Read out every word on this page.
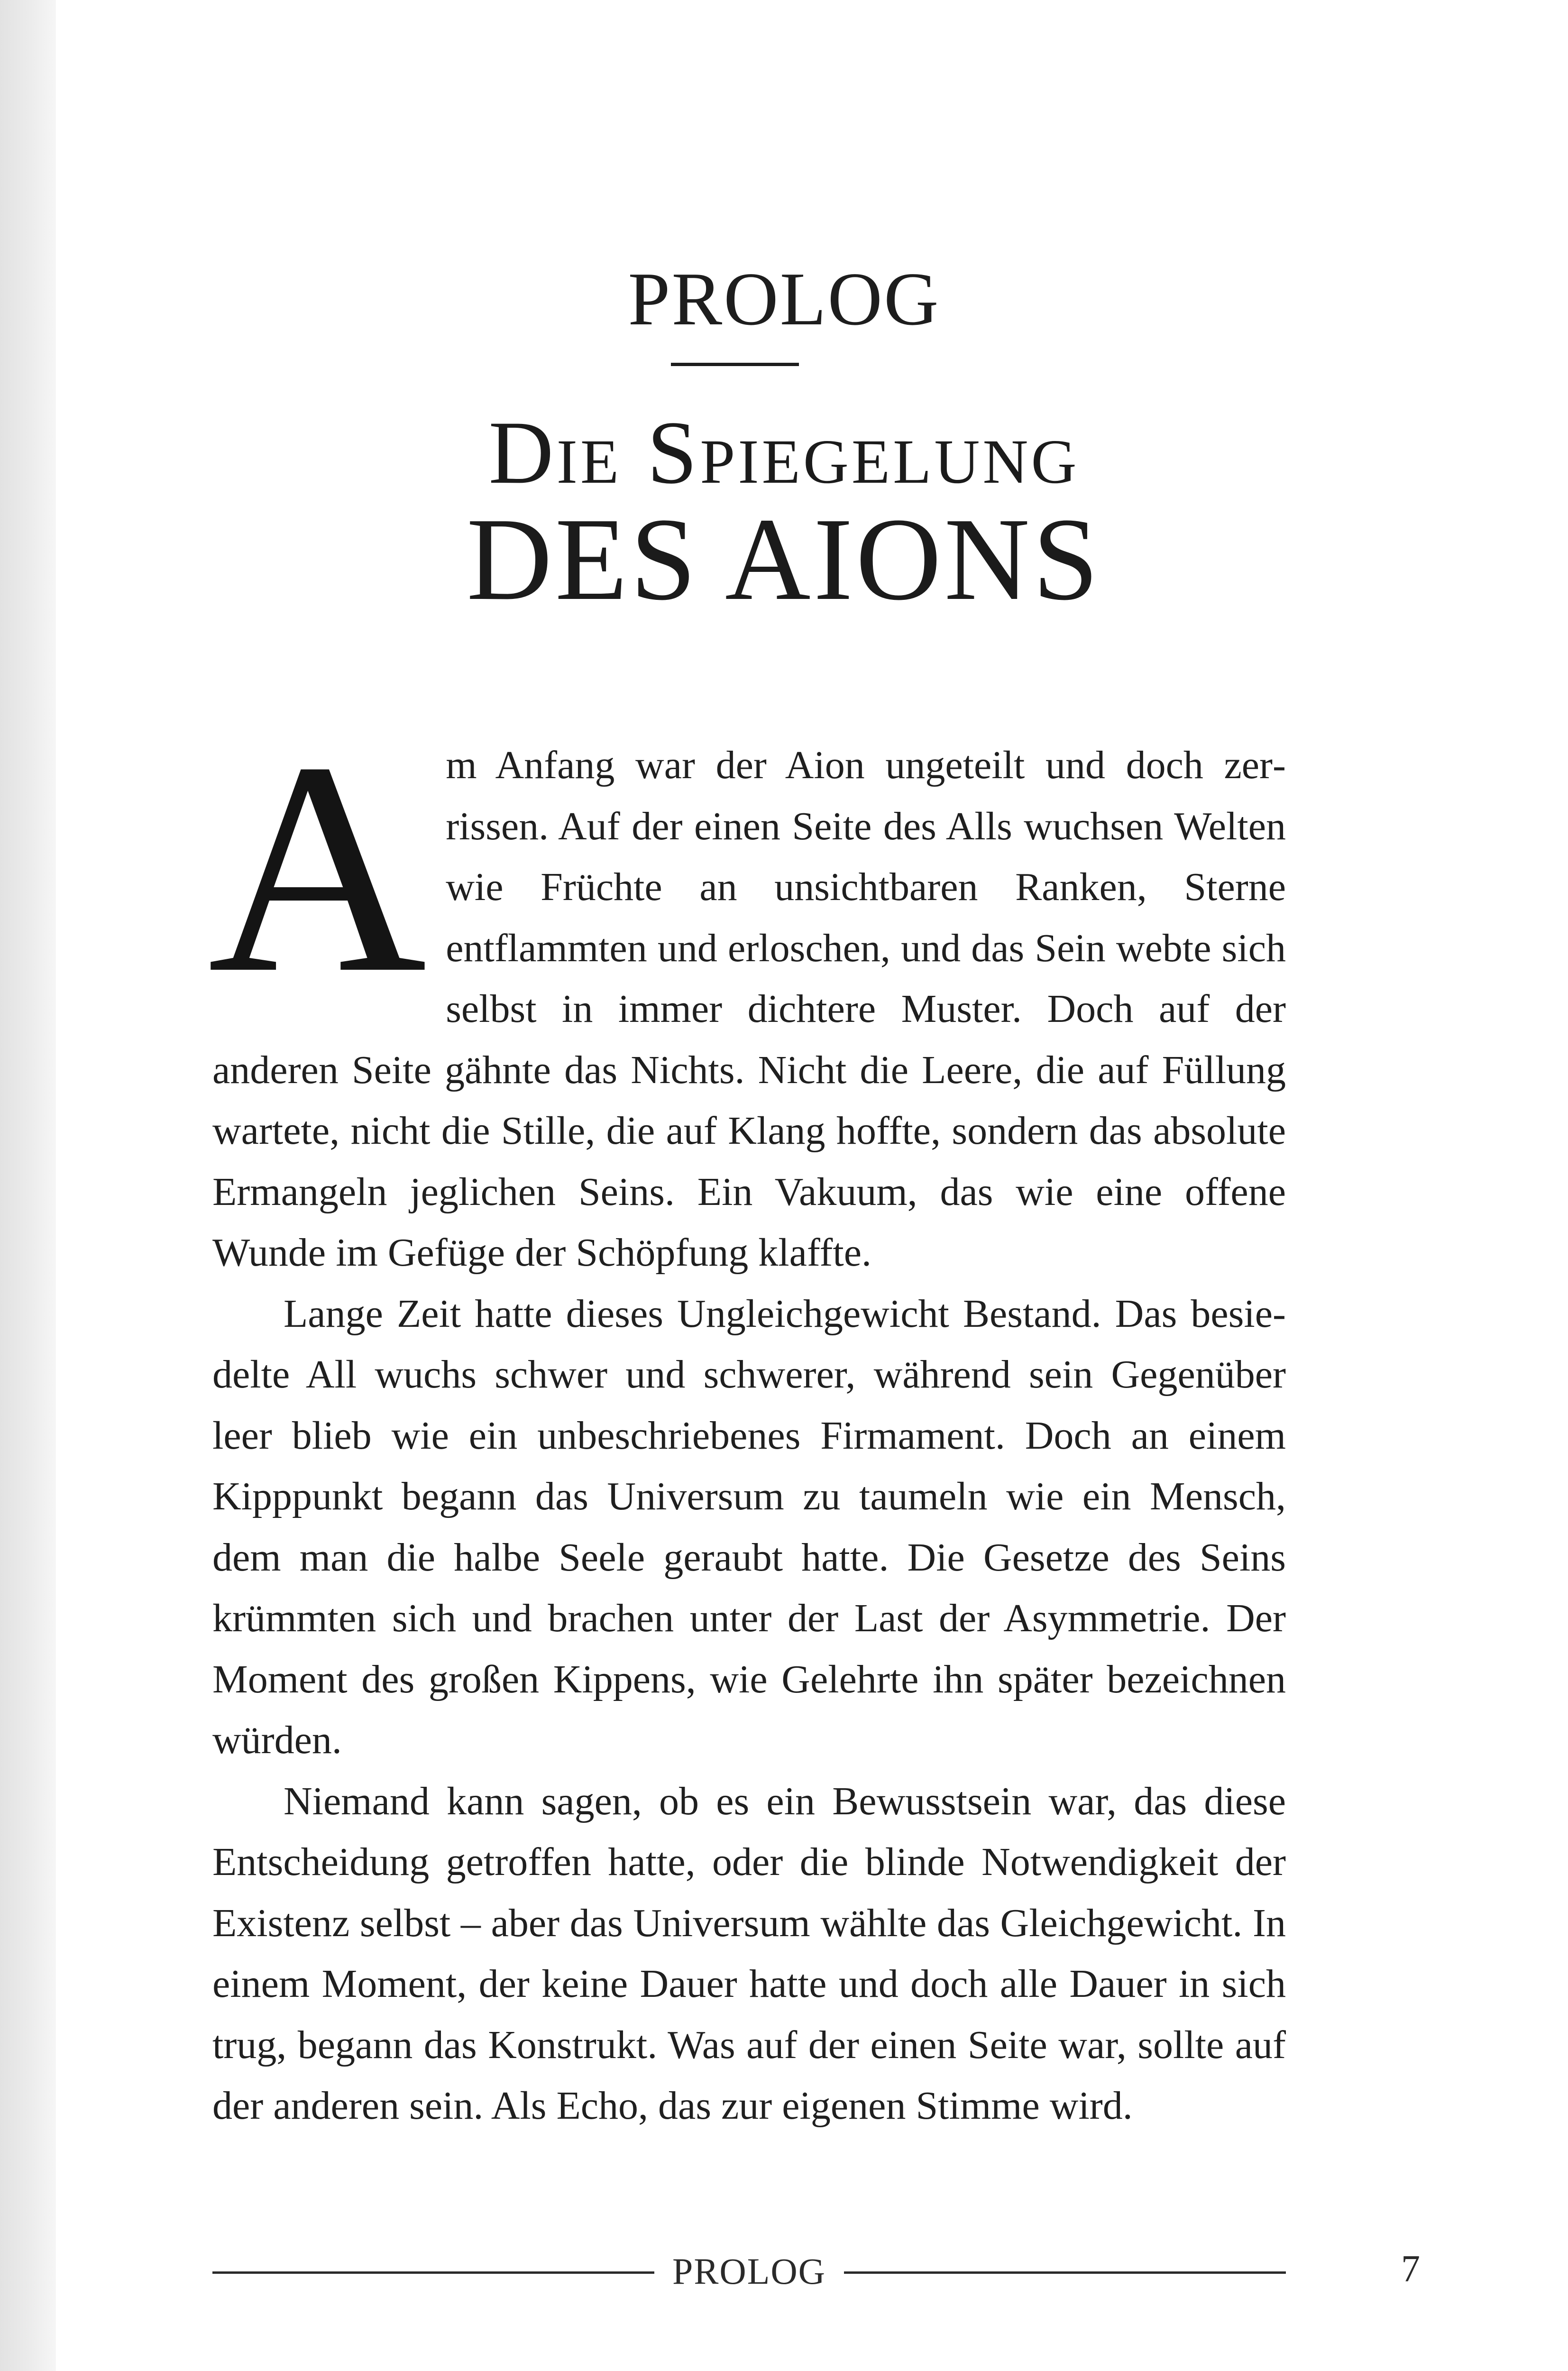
PROLOG
Die Spiegelung
DES AIONS

Am Anfang war der Aion ungeteilt und doch zerrissen. Auf der einen Seite des Alls wuchsen Welten wie Früchte an unsichtbaren Ranken, Sterne entflammten und erloschen, und das Sein webte sich selbst in immer dichtere Muster. Doch auf der anderen Seite gähnte das Nichts. Nicht die Leere, die auf Füllung wartete, nicht die Stille, die auf Klang hoffte, sondern das absolute Ermangeln jeglichen Seins. Ein Vakuum, das wie eine offene Wunde im Gefüge der Schöpfung klaffte.

Lange Zeit hatte dieses Ungleichgewicht Bestand. Das besiedelte All wuchs schwer und schwerer, während sein Gegenüber leer blieb wie ein unbeschriebenes Firmament. Doch an einem Kipppunkt begann das Universum zu taumeln wie ein Mensch, dem man die halbe Seele geraubt hatte. Die Gesetze des Seins krümmten sich und brachen unter der Last der Asymmetrie. Der Moment des großen Kippens, wie Gelehrte ihn später bezeichnen würden.

Niemand kann sagen, ob es ein Bewusstsein war, das diese Entscheidung getroffen hatte, oder die blinde Notwendigkeit der Existenz selbst – aber das Universum wählte das Gleichgewicht. In einem Moment, der keine Dauer hatte und doch alle Dauer in sich trug, begann das Konstrukt. Was auf der einen Seite war, sollte auf der anderen sein. Als Echo, das zur eigenen Stimme wird.

PROLOG	7
